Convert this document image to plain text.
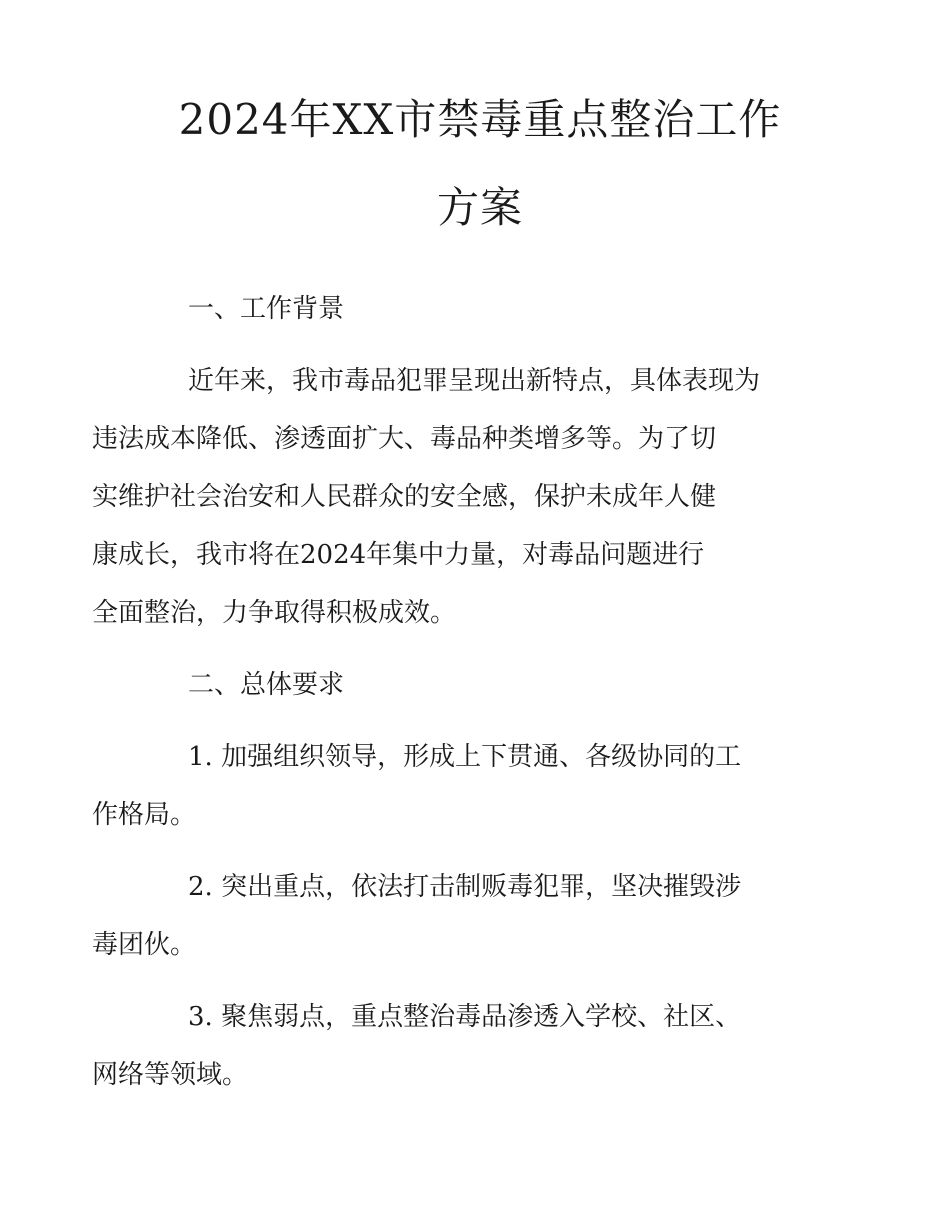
2024年XX市禁毒重点整治工作
方案

一、工作背景

近年来，我市毒品犯罪呈现出新特点，具体表现为
违法成本降低、渗透面扩大、毒品种类增多等。为了切
实维护社会治安和人民群众的安全感，保护未成年人健
康成长，我市将在2024年集中力量，对毒品问题进行
全面整治，力争取得积极成效。

二、总体要求

1. 加强组织领导，形成上下贯通、各级协同的工
作格局。

2. 突出重点，依法打击制贩毒犯罪，坚决摧毁涉
毒团伙。

3. 聚焦弱点，重点整治毒品渗透入学校、社区、
网络等领域。
